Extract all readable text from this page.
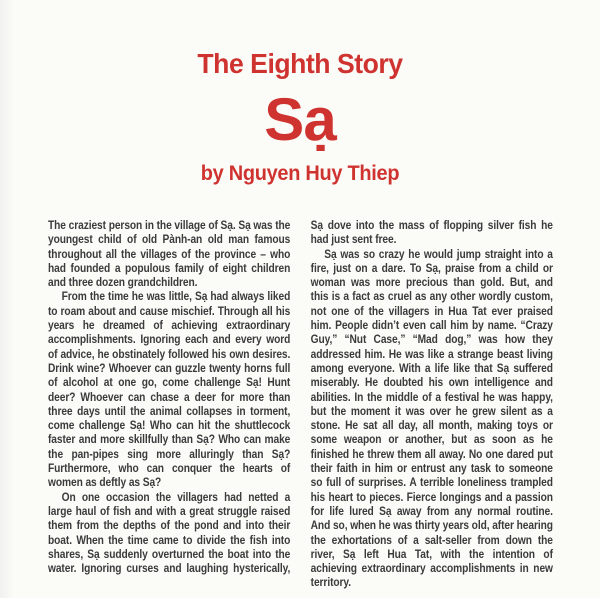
The Eighth Story
Sạ
by Nguyen Huy Thiep

The craziest person in the village of Sạ. Sạ was the youngest child of old Pành-an old man famous throughout all the villages of the province – who had founded a populous family of eight children and three dozen grandchildren.

From the time he was little, Sạ had always liked to roam about and cause mischief. Through all his years he dreamed of achieving extraordinary accomplishments. Ignoring each and every word of advice, he obstinately followed his own desires. Drink wine? Whoever can guzzle twenty horns full of alcohol at one go, come challenge Sạ! Hunt deer? Whoever can chase a deer for more than three days until the animal collapses in torment, come challenge Sạ! Who can hit the shuttlecock faster and more skillfully than Sạ? Who can make the pan-pipes sing more alluringly than Sạ? Furthermore, who can conquer the hearts of women as deftly as Sạ?

On one occasion the villagers had netted a large haul of fish and with a great struggle raised them from the depths of the pond and into their boat. When the time came to divide the fish into shares, Sạ suddenly overturned the boat into the water. Ignoring curses and laughing hysterically,

Sạ dove into the mass of flopping silver fish he had just sent free.

Sạ was so crazy he would jump straight into a fire, just on a dare. To Sạ, praise from a child or woman was more precious than gold. But, and this is a fact as cruel as any other wordly custom, not one of the villagers in Hua Tat ever praised him. People didn’t even call him by name. “Crazy Guy,” “Nut Case,” “Mad dog,” was how they addressed him. He was like a strange beast living among everyone. With a life like that Sạ suffered miserably. He doubted his own intelligence and abilities. In the middle of a festival he was happy, but the moment it was over he grew silent as a stone. He sat all day, all month, making toys or some weapon or another, but as soon as he finished he threw them all away. No one dared put their faith in him or entrust any task to someone so full of surprises. A terrible loneliness trampled his heart to pieces. Fierce longings and a passion for life lured Sạ away from any normal routine. And so, when he was thirty years old, after hearing the exhortations of a salt-seller from down the river, Sạ left Hua Tat, with the intention of achieving extraordinary accomplishments in new territory.
